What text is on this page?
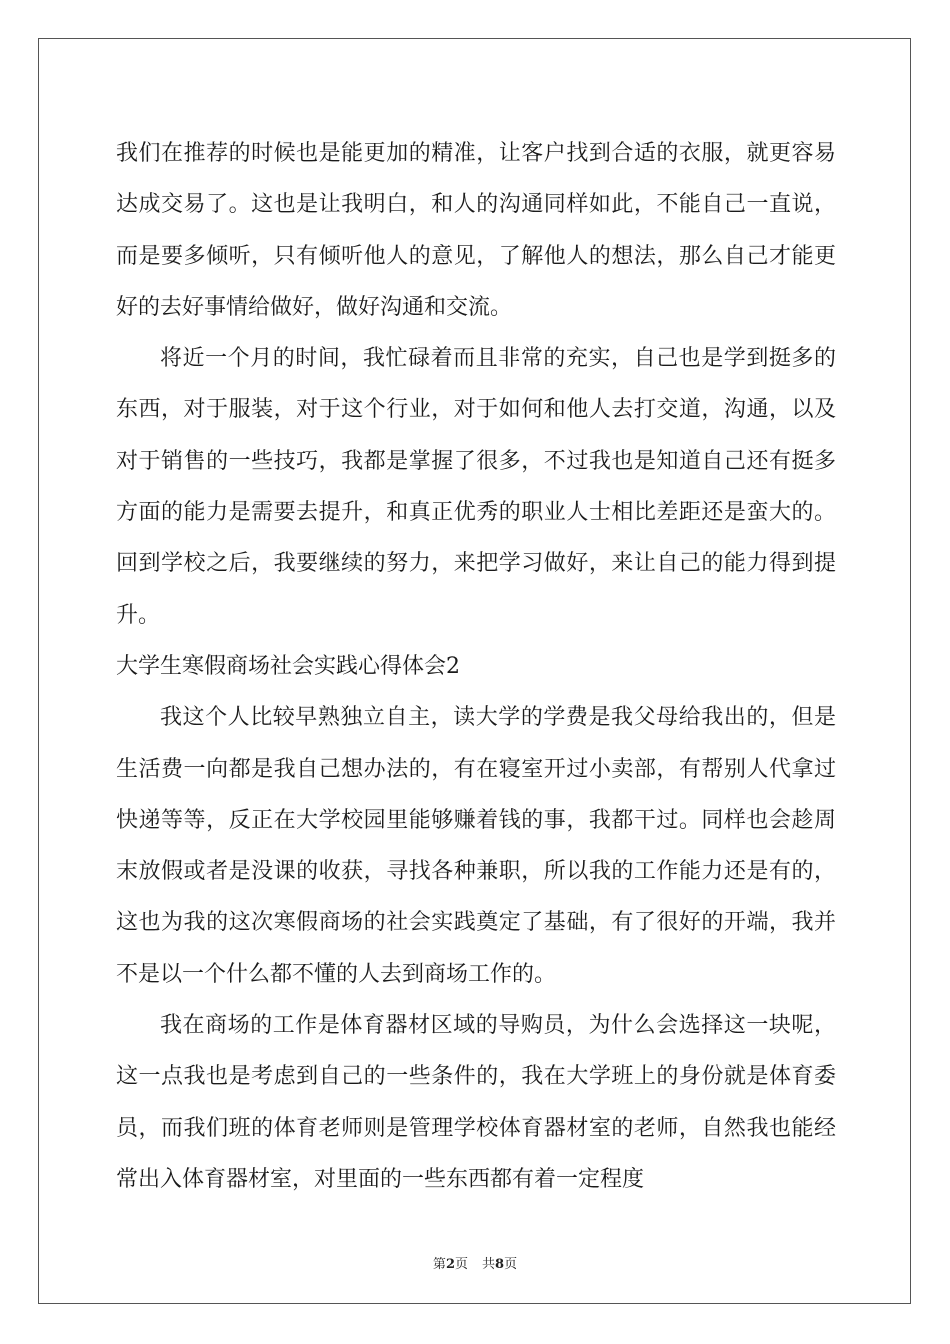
我们在推荐的时候也是能更加的精准，让客户找到合适的衣服，就更容易达成交易了。这也是让我明白，和人的沟通同样如此，不能自己一直说，而是要多倾听，只有倾听他人的意见，了解他人的想法，那么自己才能更好的去好事情给做好，做好沟通和交流。

将近一个月的时间，我忙碌着而且非常的充实，自己也是学到挺多的东西，对于服装，对于这个行业，对于如何和他人去打交道，沟通，以及对于销售的一些技巧，我都是掌握了很多，不过我也是知道自己还有挺多方面的能力是需要去提升，和真正优秀的职业人士相比差距还是蛮大的。回到学校之后，我要继续的努力，来把学习做好，来让自己的能力得到提升。

大学生寒假商场社会实践心得体会2

我这个人比较早熟独立自主，读大学的学费是我父母给我出的，但是生活费一向都是我自己想办法的，有在寝室开过小卖部，有帮别人代拿过快递等等，反正在大学校园里能够赚着钱的事，我都干过。同样也会趁周末放假或者是没课的收获，寻找各种兼职，所以我的工作能力还是有的，这也为我的这次寒假商场的社会实践奠定了基础，有了很好的开端，我并不是以一个什么都不懂的人去到商场工作的。

我在商场的工作是体育器材区域的导购员，为什么会选择这一块呢，这一点我也是考虑到自己的一些条件的，我在大学班上的身份就是体育委员，而我们班的体育老师则是管理学校体育器材室的老师，自然我也能经常出入体育器材室，对里面的一些东西都有着一定程度

第2页 共8页
